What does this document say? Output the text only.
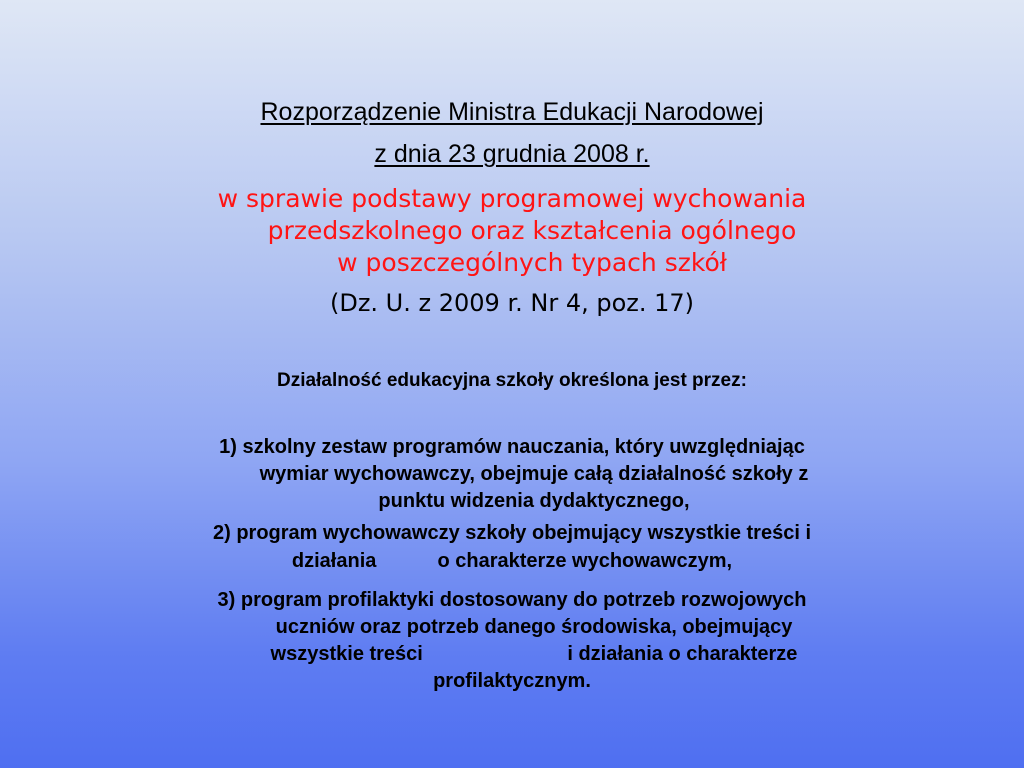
Rozporządzenie Ministra Edukacji Narodowej
z dnia 23 grudnia 2008 r.
w sprawie podstawy programowej wychowania
przedszkolnego oraz kształcenia ogólnego
w poszczególnych typach szkół
(Dz. U. z 2009 r. Nr 4, poz. 17)
Działalność edukacyjna szkoły określona jest przez:
1) szkolny zestaw programów nauczania, który uwzględniając
wymiar wychowawczy, obejmuje całą działalność szkoły z
punktu widzenia dydaktycznego,
2) program wychowawczy szkoły obejmujący wszystkie treści i
działania           o charakterze wychowawczym,
3) program profilaktyki dostosowany do potrzeb rozwojowych
uczniów oraz potrzeb danego środowiska, obejmujący
wszystkie treści                          i działania o charakterze
profilaktycznym.
